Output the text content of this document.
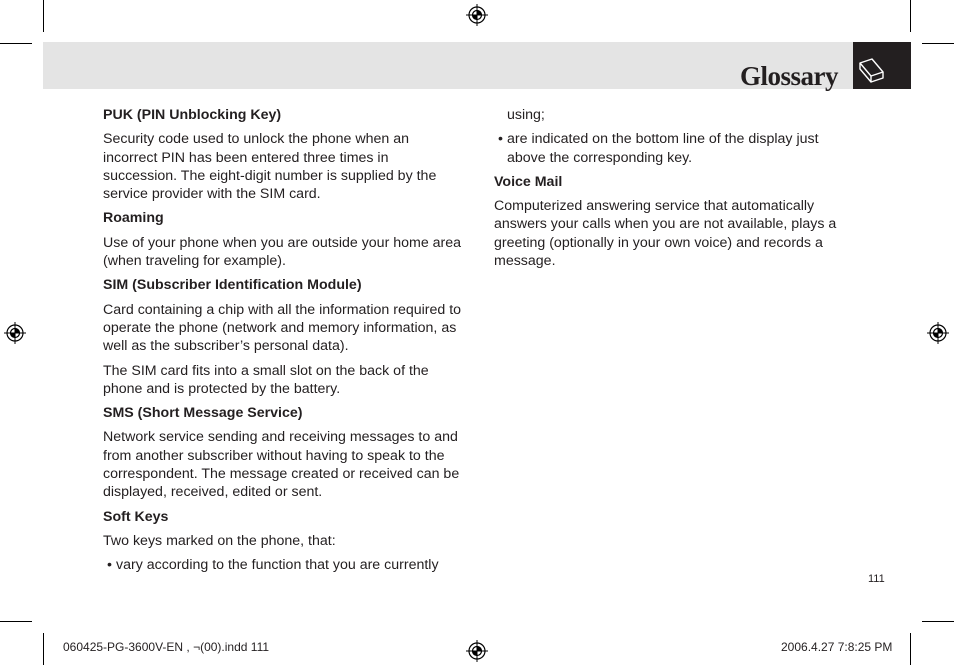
Glossary
PUK (PIN Unblocking Key)
Security code used to unlock the phone when an incorrect PIN has been entered three times in succession. The eight-digit number is supplied by the service provider with the SIM card.
Roaming
Use of your phone when you are outside your home area (when traveling for example).
SIM (Subscriber Identification Module)
Card containing a chip with all the information required to operate the phone (network and memory information, as well as the subscriber’s personal data).
The SIM card fits into a small slot on the back of the phone and is protected by the battery.
SMS (Short Message Service)
Network service sending and receiving messages to and from another subscriber without having to speak to the correspondent. The message created or received can be displayed, received, edited or sent.
Soft Keys
Two keys marked on the phone, that:
• vary according to the function that you are currently
using;
• are indicated on the bottom line of the display just above the corresponding key.
Voice Mail
Computerized answering service that automatically answers your calls when you are not available, plays a greeting (optionally in your own voice) and records a message.
111
060425-PG-3600V-EN , ¬(00).indd 111	2006.4.27 7:8:25 PM
